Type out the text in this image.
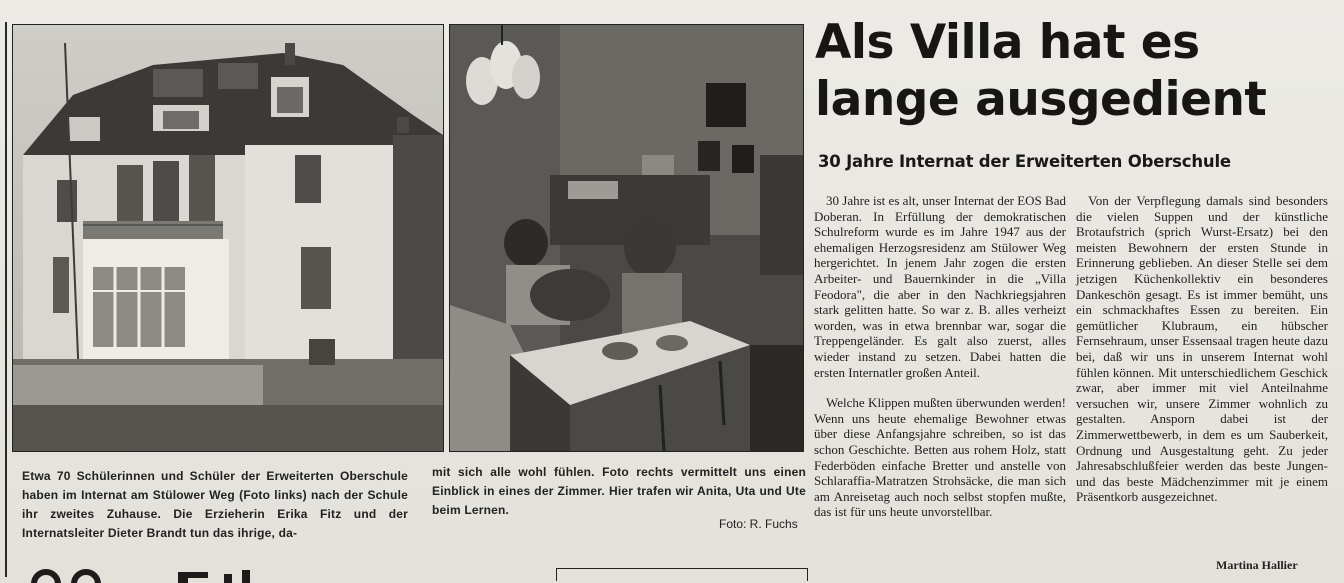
Etwa 70 Schülerinnen und Schüler der Erweiterten Oberschule haben im Internat am Stülower Weg (Foto links) nach der Schule ihr zweites Zuhause. Die Erzieherin Erika Fitz und der Internatsleiter Dieter Brandt tun das ihrige, da-

mit sich alle wohl fühlen. Foto rechts vermittelt uns einen Einblick in eines der Zimmer. Hier trafen wir Anita, Uta und Ute beim Lernen.

Foto: R. Fuchs
Als Villa hat es
lange ausgedient
30 Jahre Internat der Erweiterten Oberschule

30 Jahre ist es alt, unser Internat der EOS Bad Doberan. In Erfüllung der demokratischen Schulreform wurde es im Jahre 1947 aus der ehemaligen Herzogsresidenz am Stülower Weg hergerichtet. In jenem Jahr zogen die ersten Arbeiter- und Bauernkinder in die „Villa Feodora", die aber in den Nachkriegsjahren stark gelitten hatte. So war z. B. alles verheizt worden, was in etwa brennbar war, sogar die Treppengeländer. Es galt also zuerst, alles wieder instand zu setzen. Dabei hatten die ersten Internatler großen Anteil.

Welche Klippen mußten überwunden werden! Wenn uns heute ehemalige Bewohner etwas über diese Anfangsjahre schreiben, so ist das schon Geschichte. Betten aus rohem Holz, statt Federböden einfache Bretter und anstelle von Schlaraffia-Matratzen Strohsäcke, die man sich am Anreisetag auch noch selbst stopfen mußte, das ist für uns heute unvorstellbar.

Von der Verpflegung damals sind besonders die vielen Suppen und der künstliche Brotaufstrich (sprich Wurst-Ersatz) bei den meisten Bewohnern der ersten Stunde in Erinnerung geblieben. An dieser Stelle sei dem jetzigen Küchenkollektiv ein besonderes Dankeschön gesagt. Es ist immer bemüht, uns ein schmackhaftes Essen zu bereiten. Ein gemütlicher Klubraum, ein hübscher Fernsehraum, unser Essensaal tragen heute dazu bei, daß wir uns in unserem Internat wohl fühlen können. Mit unterschiedlichem Geschick zwar, aber immer mit viel Anteilnahme versuchen wir, unsere Zimmer wohnlich zu gestalten. Ansporn dabei ist der Zimmerwettbewerb, in dem es um Sauberkeit, Ordnung und Ausgestaltung geht. Zu jeder Jahresabschlußfeier werden das beste Jungen- und das beste Mädchenzimmer mit je einem Präsentkorb ausgezeichnet.

Martina Hallier
